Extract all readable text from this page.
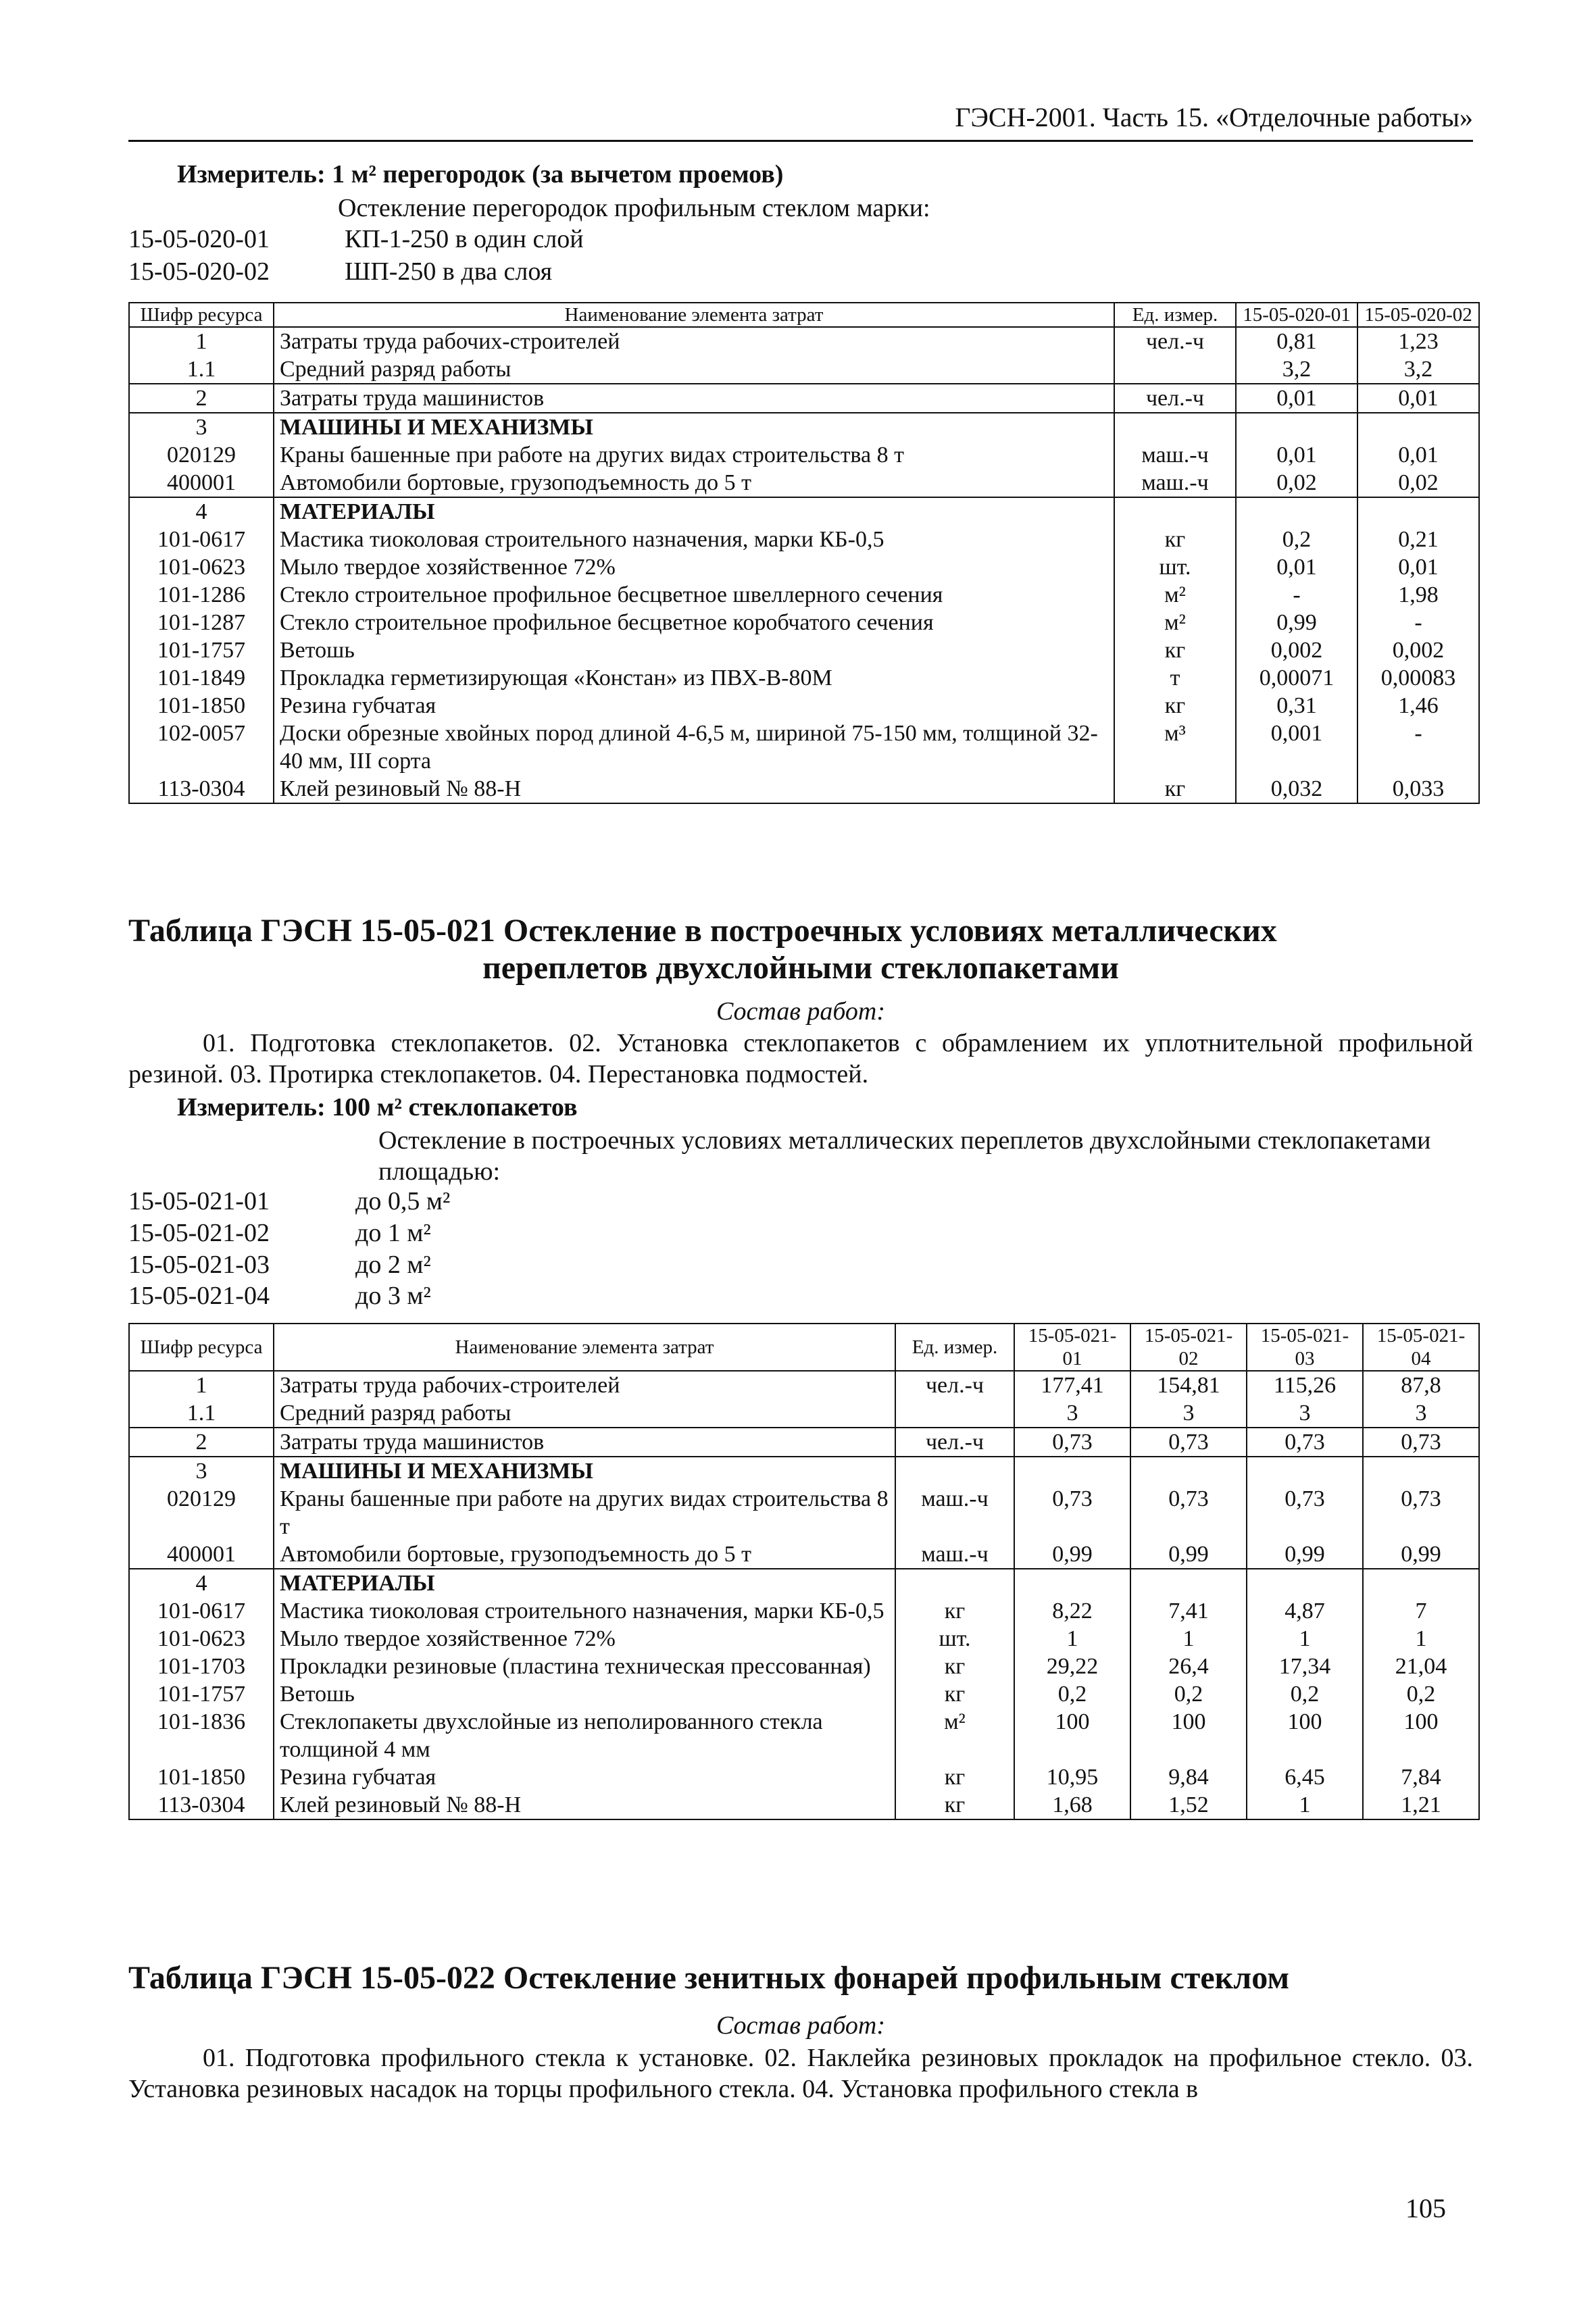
ГЭСН-2001. Часть 15. «Отделочные работы»
Измеритель: 1 м² перегородок (за вычетом проемов)
Остекление перегородок профильным стеклом марки:
15-05-020-01	КП-1-250 в один слой
15-05-020-02	ШП-250 в два слоя
Шифр ресурса	Наименование элемента затрат	Ед. измер.	15-05-020-01	15-05-020-02
1	Затраты труда рабочих-строителей	чел.-ч	0,81	1,23
1.1	Средний разряд работы		3,2	3,2
2	Затраты труда машинистов	чел.-ч	0,01	0,01
3	МАШИНЫ И МЕХАНИЗМЫ			
020129	Краны башенные при работе на других видах строительства 8 т	маш.-ч	0,01	0,01
400001	Автомобили бортовые, грузоподъемность до 5 т	маш.-ч	0,02	0,02
4	МАТЕРИАЛЫ			
101-0617	Мастика тиоколовая строительного назначения, марки КБ-0,5	кг	0,2	0,21
101-0623	Мыло твердое хозяйственное 72%	шт.	0,01	0,01
101-1286	Стекло строительное профильное бесцветное швеллерного сечения	м²	-	1,98
101-1287	Стекло строительное профильное бесцветное коробчатого сечения	м²	0,99	-
101-1757	Ветошь	кг	0,002	0,002
101-1849	Прокладка герметизирующая «Констан» из ПВХ-В-80М	т	0,00071	0,00083
101-1850	Резина губчатая	кг	0,31	1,46
102-0057	Доски обрезные хвойных пород длиной 4-6,5 м, шириной 75-150 мм, толщиной 32-40 мм, III сорта	м³	0,001	-
113-0304	Клей резиновый № 88-Н	кг	0,032	0,033
Таблица ГЭСН 15-05-021 Остекление в построечных условиях металлических
переплетов двухслойными стеклопакетами
Состав работ:
01. Подготовка стеклопакетов. 02. Установка стеклопакетов с обрамлением их уплотнительной профильной резиной. 03. Протирка стеклопакетов. 04. Перестановка подмостей.
Измеритель: 100 м² стеклопакетов
Остекление в построечных условиях металлических переплетов двухслойными стеклопакетами площадью:
15-05-021-01	до 0,5 м²
15-05-021-02	до 1 м²
15-05-021-03	до 2 м²
15-05-021-04	до 3 м²
Шифр ресурса	Наименование элемента затрат	Ед. измер.	15-05-021-01	15-05-021-02	15-05-021-03	15-05-021-04
1	Затраты труда рабочих-строителей	чел.-ч	177,41	154,81	115,26	87,8
1.1	Средний разряд работы		3	3	3	3
2	Затраты труда машинистов	чел.-ч	0,73	0,73	0,73	0,73
3	МАШИНЫ И МЕХАНИЗМЫ					
020129	Краны башенные при работе на других видах строительства 8 т	маш.-ч	0,73	0,73	0,73	0,73
400001	Автомобили бортовые, грузоподъемность до 5 т	маш.-ч	0,99	0,99	0,99	0,99
4	МАТЕРИАЛЫ					
101-0617	Мастика тиоколовая строительного назначения, марки КБ-0,5	кг	8,22	7,41	4,87	7
101-0623	Мыло твердое хозяйственное 72%	шт.	1	1	1	1
101-1703	Прокладки резиновые (пластина техническая прессованная)	кг	29,22	26,4	17,34	21,04
101-1757	Ветошь	кг	0,2	0,2	0,2	0,2
101-1836	Стеклопакеты двухслойные из неполированного стекла толщиной 4 мм	м²	100	100	100	100
101-1850	Резина губчатая	кг	10,95	9,84	6,45	7,84
113-0304	Клей резиновый № 88-Н	кг	1,68	1,52	1	1,21
Таблица ГЭСН 15-05-022 Остекление зенитных фонарей профильным стеклом
Состав работ:
01. Подготовка профильного стекла к установке. 02. Наклейка резиновых прокладок на профильное стекло. 03. Установка резиновых насадок на торцы профильного стекла. 04. Установка профильного стекла в
105
